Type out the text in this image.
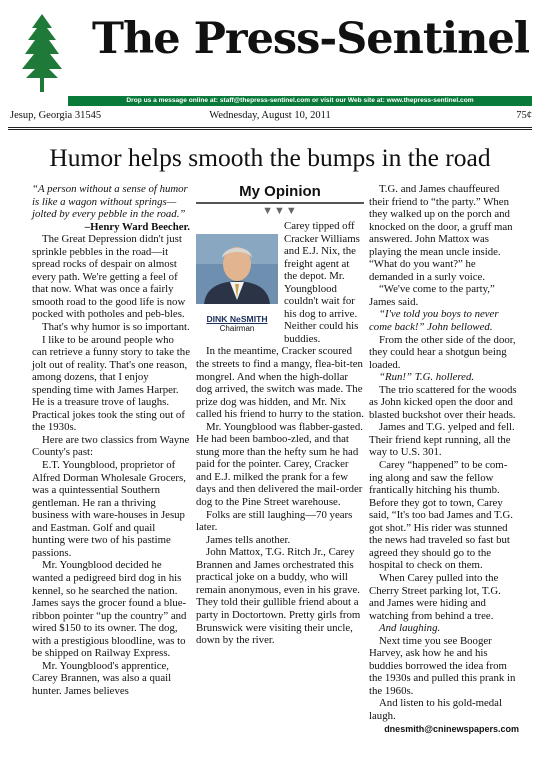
The Press-Sentinel
Drop us a message online at: staff@thepress-sentinel.com or visit our Web site at: www.thepress-sentinel.com
Jesup, Georgia 31545	Wednesday, August 10, 2011	75¢
Humor helps smooth the bumps in the road

“A person without a sense of humor is like a wagon without springs—jolted by every pebble in the road.”

–Henry Ward Beecher.

The Great Depression didn't just sprinkle pebbles in the road—it spread rocks of despair on almost every path. We're getting a feel of that now. What was once a fairly smooth road to the good life is now pocked with potholes and peb-bles.

That's why humor is so important.

I like to be around people who can retrieve a funny story to take the jolt out of reality. That's one reason, among dozens, that I enjoy spending time with James Harper. He is a treasure trove of laughs. Practical jokes took the sting out of the 1930s.

Here are two classics from Wayne County's past:

E.T. Youngblood, proprietor of Alfred Dorman Wholesale Grocers, was a quintessential Southern gentleman. He ran a thriving business with ware-houses in Jesup and Eastman. Golf and quail hunting were two of his pastime passions.

Mr. Youngblood decided he wanted a pedigreed bird dog in his kennel, so he searched the nation. James says the grocer found a blue-ribbon pointer “up the country” and wired $150 to its owner. The dog, with a prestigious bloodline, was to be shipped on Railway Express.

Mr. Youngblood's apprentice, Carey Brannen, was also a quail hunter. James believes

My Opinion
▼▼▼
DINK NeSMITH
Chairman

Carey tipped off Cracker Williams and E.J. Nix, the freight agent at the depot. Mr. Youngblood couldn't wait for his dog to arrive. Neither could his buddies.

In the meantime, Cracker scoured the streets to find a mangy, flea-bit-ten mongrel. And when the high-dollar dog arrived, the switch was made. The prize dog was hidden, and Mr. Nix called his friend to hurry to the station.

Mr. Youngblood was flabber-gasted. He had been bamboo-zled, and that stung more than the hefty sum he had paid for the pointer. Carey, Cracker and E.J. milked the prank for a few days and then delivered the mail-order dog to the Pine Street warehouse.

Folks are still laughing—70 years later.

James tells another.

John Mattox, T.G. Ritch Jr., Carey Brannen and James orchestrated this practical joke on a buddy, who will remain anonymous, even in his grave. They told their gullible friend about a party in Doctortown. Pretty girls from Brunswick were visiting their uncle, down by the river.

T.G. and James chauffeured their friend to “the party.” When they walked up on the porch and knocked on the door, a gruff man answered. John Mattox was playing the mean uncle inside. “What do you want?” he demanded in a surly voice.

“We've come to the party,” James said.

“I've told you boys to never come back!” John bellowed.

From the other side of the door, they could hear a shotgun being loaded.

“Run!” T.G. hollered.

The trio scattered for the woods as John kicked open the door and blasted buckshot over their heads.

James and T.G. yelped and fell. Their friend kept running, all the way to U.S. 301.

Carey “happened” to be com-ing along and saw the fellow frantically hitching his thumb. Before they got to town, Carey said, “It's too bad James and T.G. got shot.” His rider was stunned the news had traveled so fast but agreed they should go to the hospital to check on them.

When Carey pulled into the Cherry Street parking lot, T.G. and James were hiding and watching from behind a tree.

And laughing.

Next time you see Booger Harvey, ask how he and his buddies borrowed the idea from the 1930s and pulled this prank in the 1960s.

And listen to his gold-medal laugh.

dnesmith@cninewspapers.com
